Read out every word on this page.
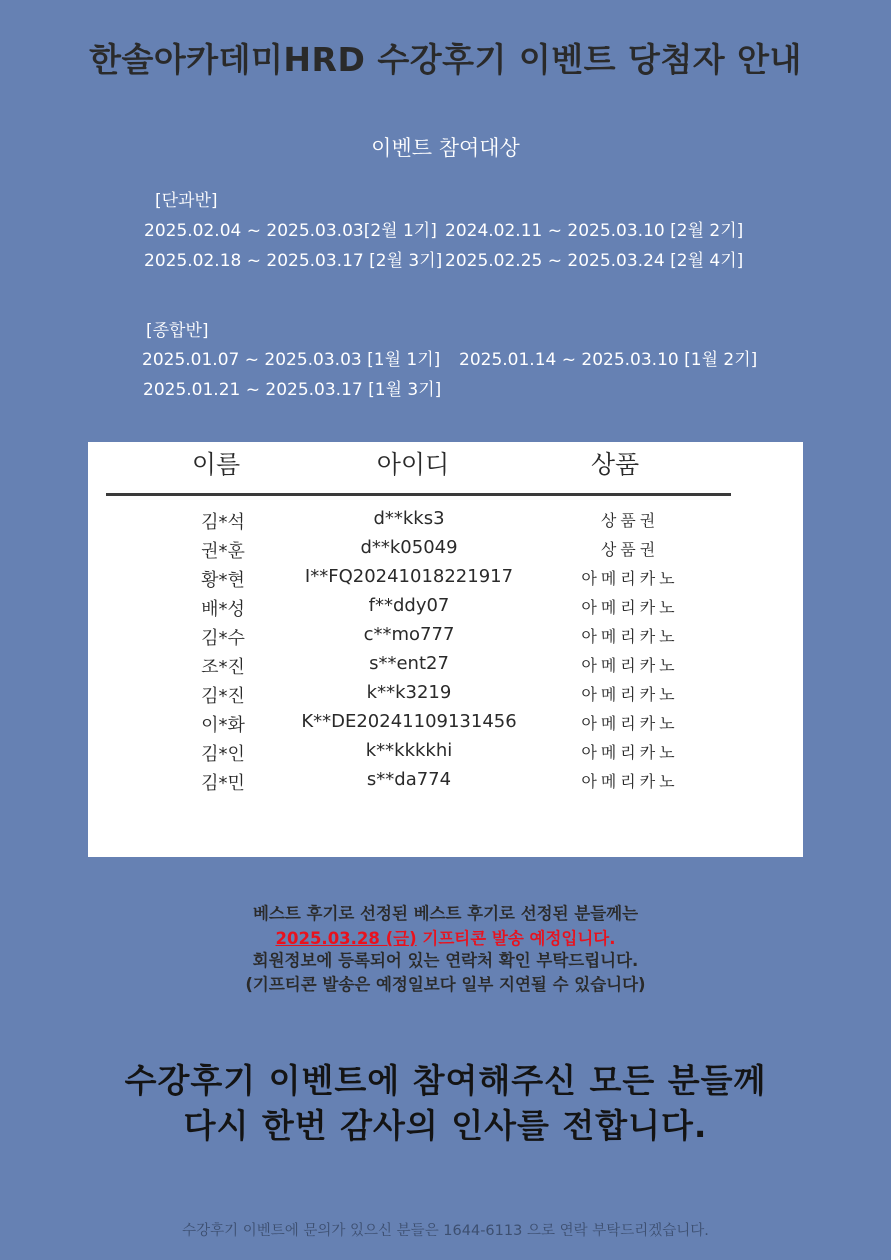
한솔아카데미HRD 수강후기 이벤트 당첨자 안내
이벤트 참여대상
[단과반]
2025.02.04 ~ 2025.03.03[2월 1기] 2024.02.11 ~ 2025.03.10 [2월 2기]
2025.02.18 ~ 2025.03.17 [2월 3기] 2025.02.25 ~ 2025.03.24 [2월 4기]
[종합반]
2025.01.07 ~ 2025.03.03 [1월 1기] 2025.01.14 ~ 2025.03.10 [1월 2기]
2025.01.21 ~ 2025.03.17 [1월 3기]
이름	아이디	상품
김*석	d**kks3	상품권
권*훈	d**k05049	상품권
황*현	I**FQ20241018221917	아메리카노
배*성	f**ddy07	아메리카노
김*수	c**mo777	아메리카노
조*진	s**ent27	아메리카노
김*진	k**k3219	아메리카노
이*화	K**DE20241109131456	아메리카노
김*인	k**kkkkhi	아메리카노
김*민	s**da774	아메리카노
베스트 후기로 선정된 베스트 후기로 선정된 분들께는
2025.03.28 (금) 기프티콘 발송 예정입니다.
회원정보에 등록되어 있는 연락처 확인 부탁드립니다.
(기프티콘 발송은 예정일보다 일부 지연될 수 있습니다)
수강후기 이벤트에 참여해주신 모든 분들께
다시 한번 감사의 인사를 전합니다.
수강후기 이벤트에 문의가 있으신 분들은 1644-6113 으로 연락 부탁드리겠습니다.
